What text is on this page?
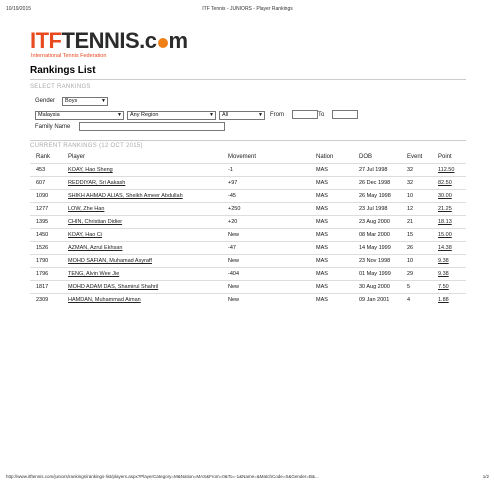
10/19/2015	ITF Tennis - JUNIORS - Player Rankings
ITFTENNIS.c m
International Tennis Federation
Rankings List
SELECT RANKINGS
Gender	Boys	▼
Malaysia	▼	Any Region	▼	All	▼ From	To
Family Name
CURRENT RANKINGS (12 OCT 2015)
Rank	Player	Movement	Nation	DOB	Event	Point
453	KOAY, Hao Sheng	-1	MAS	27 Jul 1998	32	112.50
607	REDDIYAR, Sri Aakash	+97	MAS	26 Dec 1998	32	82.50
1090	SHIKH AHMAD ALIAS, Sheikh Ameer Abdullah	-45	MAS	26 May 1998	10	30.00
1277	LOW, Zhe Han	+250	MAS	23 Jul 1998	12	21.25
1395	CHIN, Christian Didier	+20	MAS	23 Aug 2000	21	18.13
1450	KOAY, Hao Ci	New	MAS	08 Mar 2000	15	15.00
1526	AZMAN, Azrul Ekhsan	-47	MAS	14 May 1999	26	14.38
1790	MOHD SAFIAN, Muhamad Asyraff	New	MAS	23 Nov 1998	10	9.38
1796	TENG, Alvin Wee Jie	-404	MAS	01 May 1999	29	9.38
1817	MOHD ADAM DAS, Shamirul Shahril	New	MAS	30 Aug 2000	5	7.50
2309	HAMDAN, Muhammad Aiman	New	MAS	09 Jan 2001	4	1.88
http://www.itftennis.com/juniors/rankings/rankings-list/players.aspx?PlayerCategory=M&Nation=MAS&From=0&To=-1&Name=&MatchCode=S&Gender=B&...	1/2
